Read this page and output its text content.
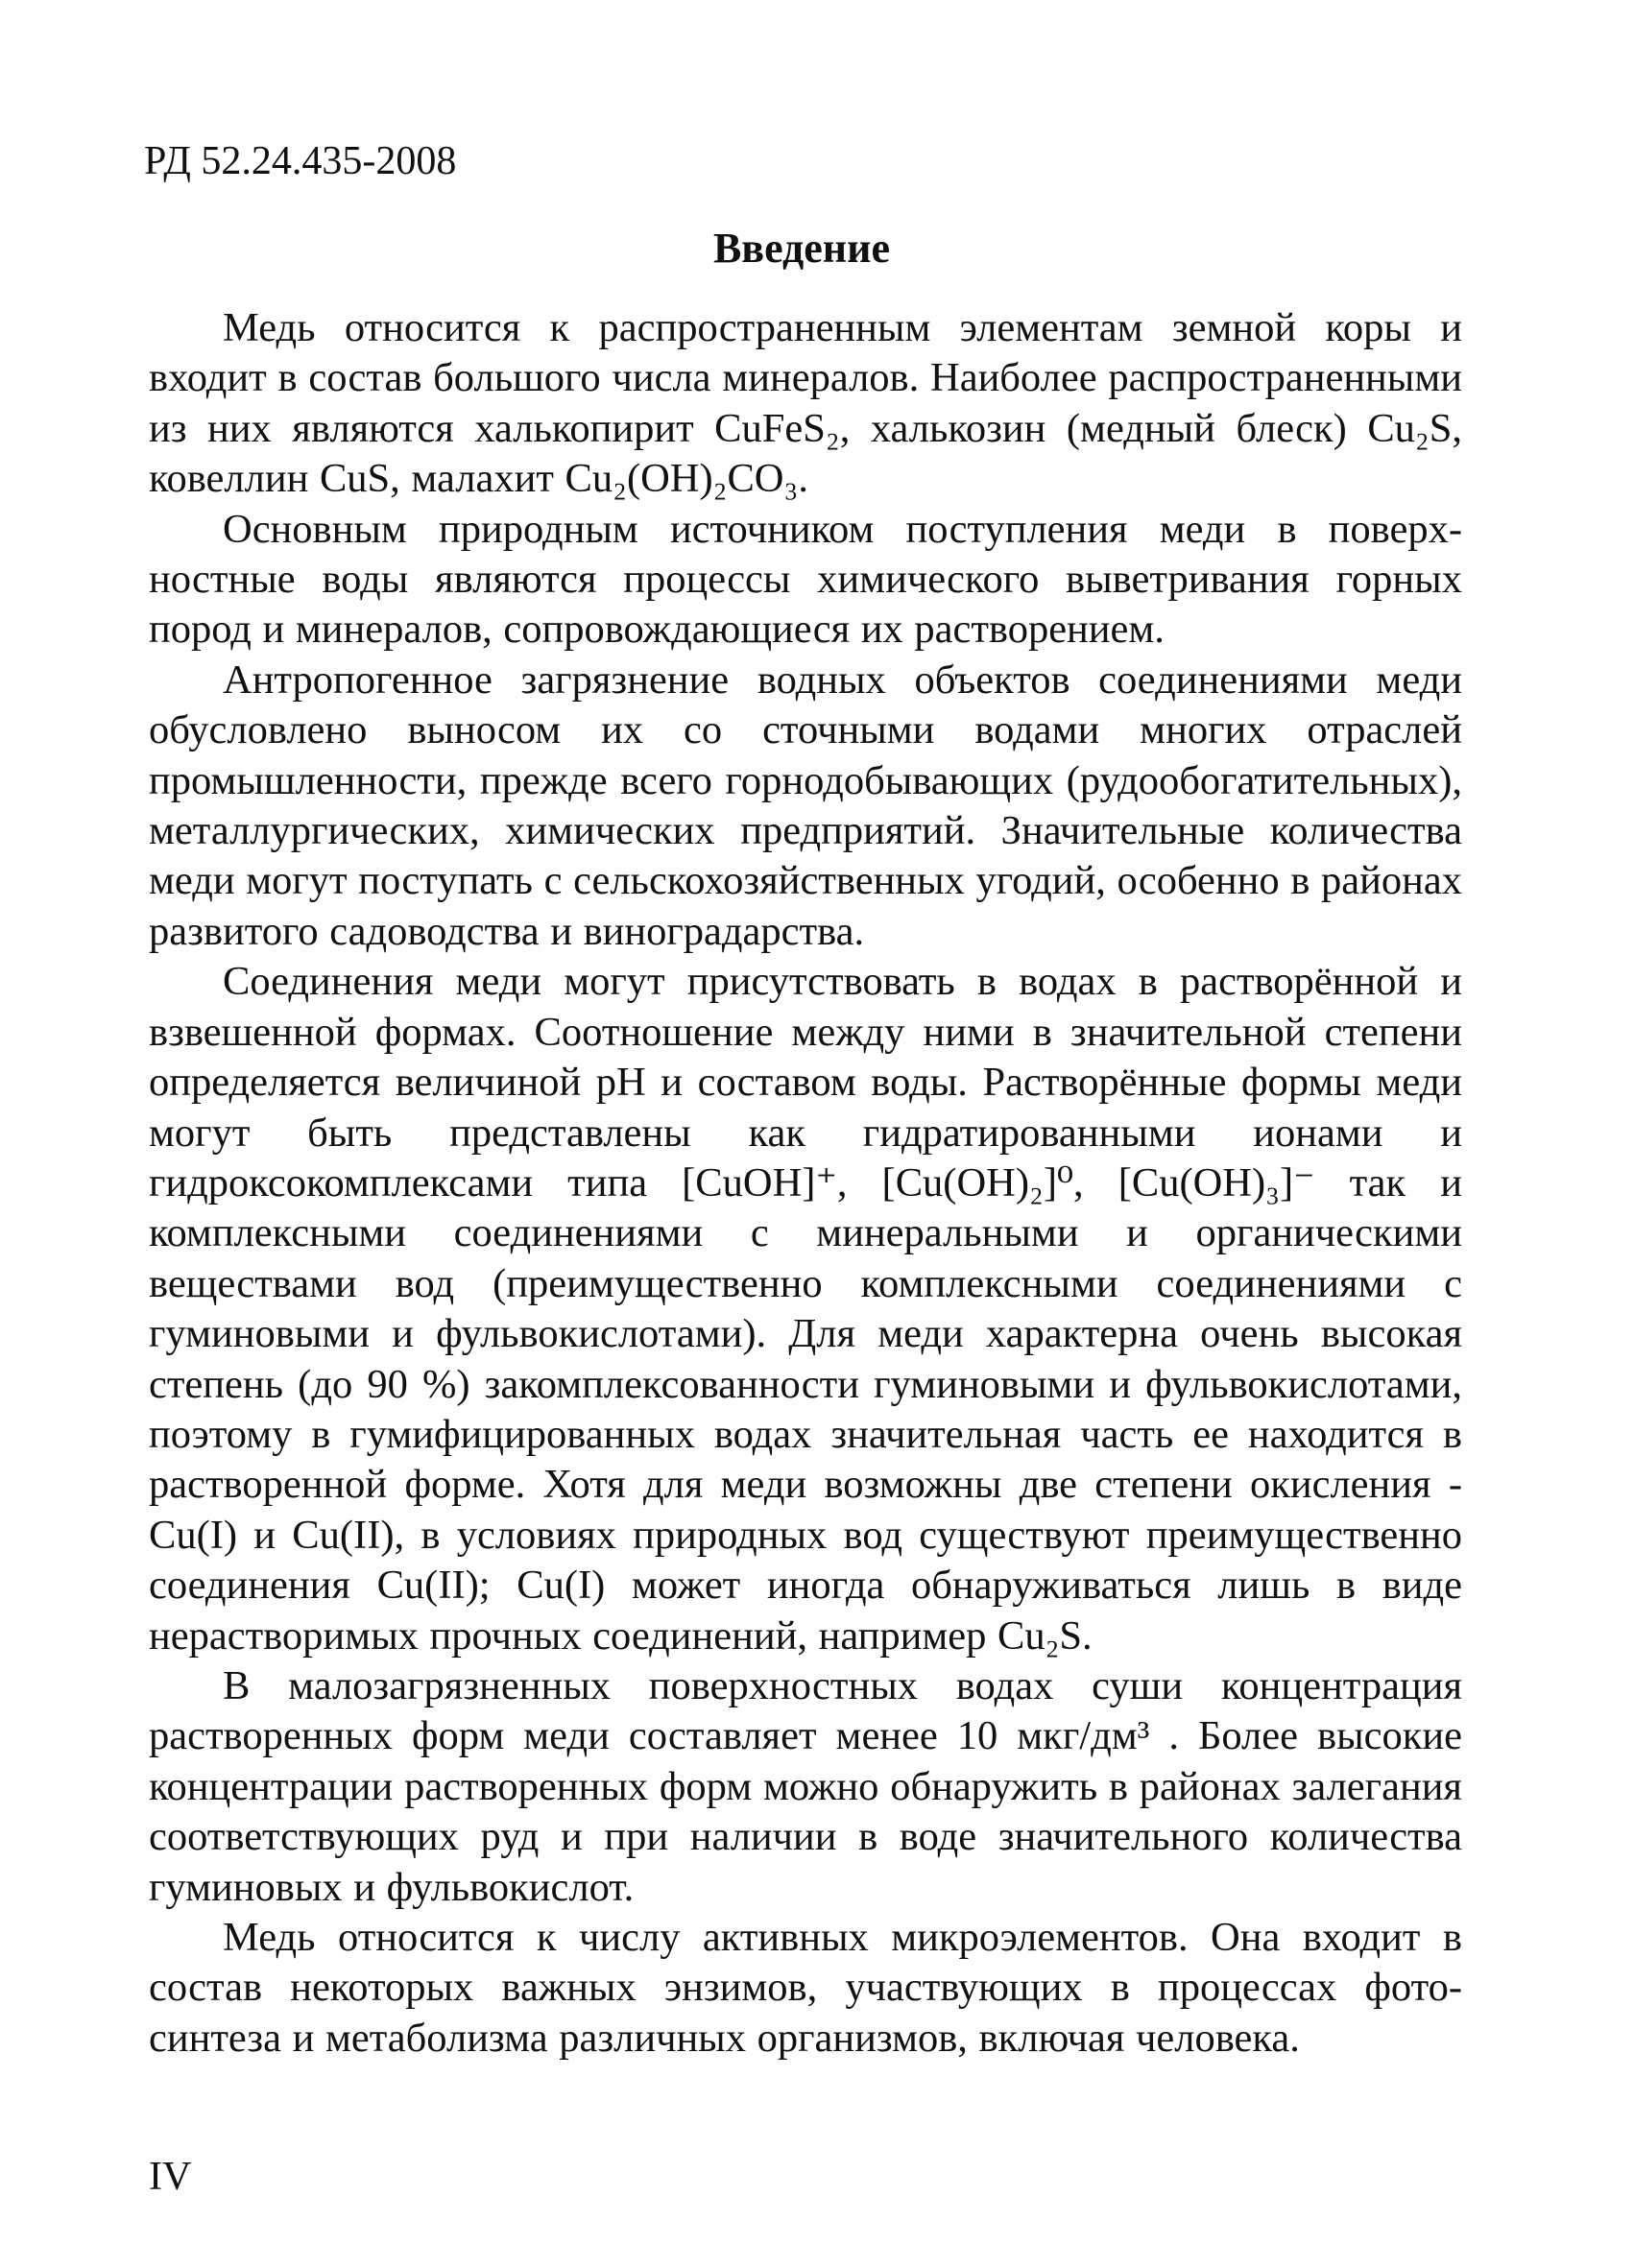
РД 52.24.435-2008

Введение

Медь относится к распространенным элементам земной коры и входит в состав большого числа минералов. Наиболее распространенными из них являются халькопирит CuFeS₂, халькозин (медный блеск) Cu₂S, ковеллин CuS, малахит Cu₂(OH)₂CO₃.

Основным природным источником поступления меди в поверхностные воды являются процессы химического выветривания горных пород и минералов, сопровождающиеся их растворением.

Антропогенное загрязнение водных объектов соединениями меди обусловлено выносом их со сточными водами многих отраслей промышленности, прежде всего горнодобывающих (рудообогатительных), металлургических, химических предприятий. Значительные количества меди могут поступать с сельскохозяйственных угодий, особенно в районах развитого садоводства и виноградарства.

Соединения меди могут присутствовать в водах в растворённой и взвешенной формах. Соотношение между ними в значительной степени определяется величиной pH и составом воды. Растворённые формы меди могут быть представлены как гидратированными ионами и гидроксокомплексами типа [CuOH]⁺, [Cu(OH)₂]⁰, [Cu(OH)₃]⁻ так и комплексными соединениями с минеральными и органическими веществами вод (преимущественно комплексными соединениями с гуминовыми и фульвокислотами). Для меди характерна очень высокая степень (до 90 %) закомплексованности гуминовыми и фульвокислотами, поэтому в гумифицированных водах значительная часть ее находится в растворенной форме. Хотя для меди возможны две степени окисления - Cu(I) и Cu(II), в условиях природных вод существуют преимущественно соединения Cu(II); Cu(I) может иногда обнаруживаться лишь в виде нерастворимых прочных соединений, например Cu₂S.

В малозагрязненных поверхностных водах суши концентрация растворенных форм меди составляет менее 10 мкг/дм³ . Более высокие концентрации растворенных форм можно обнаружить в районах залегания соответствующих руд и при наличии в воде значительного количества гуминовых и фульвокислот.

Медь относится к числу активных микроэлементов. Она входит в состав некоторых важных энзимов, участвующих в процессах фотосинтеза и метаболизма различных организмов, включая человека.

IV
